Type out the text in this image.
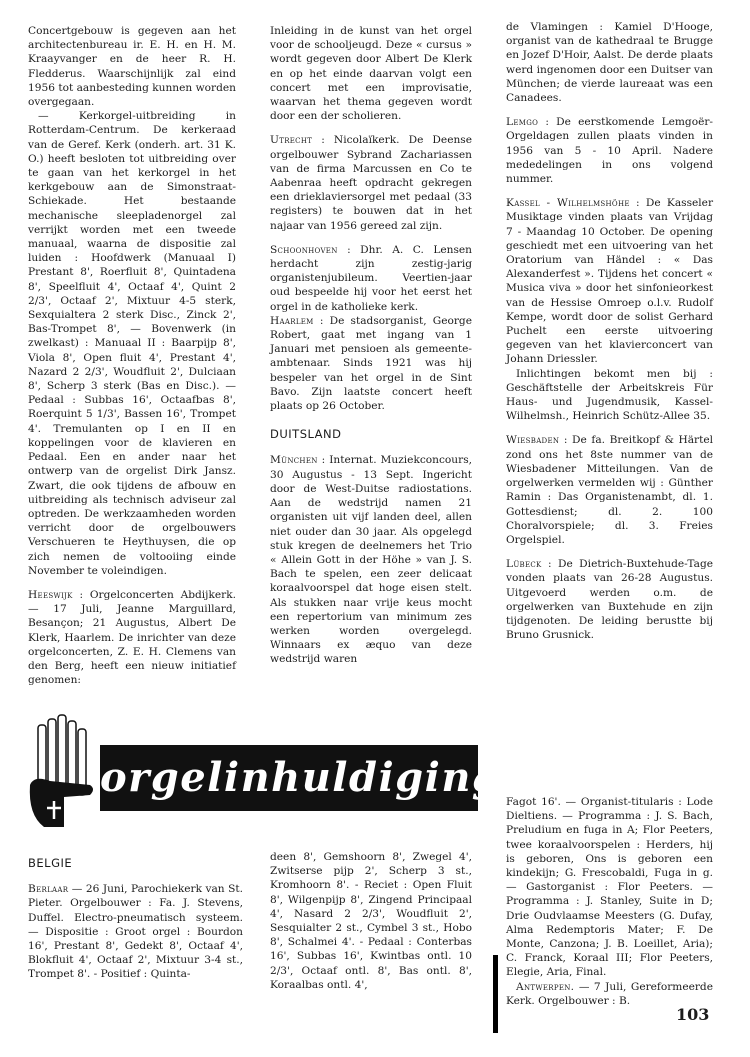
Concertgebouw is gegeven aan het architectenbureau ir. E. H. en H. M. Kraayvanger en de heer R. H. Fledderus. Waarschijnlijk zal eind 1956 tot aanbesteding kunnen worden overgegaan.

— Kerkorgel-uitbreiding in Rotterdam-Centrum. De kerkeraad van de Geref. Kerk (onderh. art. 31 K. O.) heeft besloten tot uitbreiding over te gaan van het kerkorgel in het kerkgebouw aan de Simonstraat-Schiekade. Het bestaande mechanische sleepladenorgel zal verrijkt worden met een tweede manuaal, waarna de dispositie zal luiden : Hoofdwerk (Manuaal I) Prestant 8', Roerfluit 8', Quintadena 8', Speelfluit 4', Octaaf 4', Quint 2 2/3', Octaaf 2', Mixtuur 4-5 sterk, Sexquialtera 2 sterk Disc., Zinck 2', Bas-Trompet 8', — Bovenwerk (in zwelkast) : Manuaal II : Baarpijp 8', Viola 8', Open fluit 4', Prestant 4', Nazard 2 2/3', Woudfluit 2', Dulciaan 8', Scherp 3 sterk (Bas en Disc.). — Pedaal : Subbas 16', Octaafbas 8', Roerquint 5 1/3', Bassen 16', Trompet 4'. Tremulanten op I en II en koppelingen voor de klavieren en Pedaal. Een en ander naar het ontwerp van de orgelist Dirk Jansz. Zwart, die ook tijdens de afbouw en uitbreiding als technisch adviseur zal optreden. De werkzaamheden worden verricht door de orgelbouwers Verschueren te Heythuysen, die op zich nemen de voltooiing einde November te voleindigen.

Heeswijk : Orgelconcerten Abdijkerk. — 17 Juli, Jeanne Marguillard, Besançon; 21 Augustus, Albert De Klerk, Haarlem. De inrichter van deze orgelconcerten, Z. E. H. Clemens van den Berg, heeft een nieuw initiatief genomen:

Inleiding in de kunst van het orgel voor de schooljeugd. Deze « cursus » wordt gegeven door Albert De Klerk en op het einde daarvan volgt een concert met een improvisatie, waarvan het thema gegeven wordt door een der scholieren.

Utrecht : Nicolaïkerk. De Deense orgelbouwer Sybrand Zachariassen van de firma Marcussen en Co te Aabenraa heeft opdracht gekregen een drieklaviersorgel met pedaal (33 registers) te bouwen dat in het najaar van 1956 gereed zal zijn.

Schoonhoven : Dhr. A. C. Lensen herdacht zijn zestig-jarig organistenjubileum. Veertien-jaar oud bespeelde hij voor het eerst het orgel in de katholieke kerk.

Haarlem : De stadsorganist, George Robert, gaat met ingang van 1 Januari met pensioen als gemeente-ambtenaar. Sinds 1921 was hij bespeler van het orgel in de Sint Bavo. Zijn laatste concert heeft plaats op 26 October.

DUITSLAND

München : Internat. Muziekconcours, 30 Augustus - 13 Sept. Ingericht door de West-Duitse radiostations. Aan de wedstrijd namen 21 organisten uit vijf landen deel, allen niet ouder dan 30 jaar. Als opgelegd stuk kregen de deelnemers het Trio « Allein Gott in der Höhe » van J. S. Bach te spelen, een zeer delicaat koraalvoorspel dat hoge eisen stelt. Als stukken naar vrije keus mocht een repertorium van minimum zes werken worden overgelegd. Winnaars ex æquo van deze wedstrijd waren

de Vlamingen : Kamiel D'Hooge, organist van de kathedraal te Brugge en Jozef D'Hoir, Aalst. De derde plaats werd ingenomen door een Duitser van München; de vierde laureaat was een Canadees.

Lemgo : De eerstkomende Lemgoër-Orgeldagen zullen plaats vinden in 1956 van 5 - 10 April. Nadere mededelingen in ons volgend nummer.

Kassel - Wilhelmshöhe : De Kasseler Musiktage vinden plaats van Vrijdag 7 - Maandag 10 October. De opening geschiedt met een uitvoering van het Oratorium van Händel : « Das Alexanderfest ». Tijdens het concert « Musica viva » door het sinfonieorkest van de Hessise Omroep o.l.v. Rudolf Kempe, wordt door de solist Gerhard Puchelt een eerste uitvoering gegeven van het klavierconcert van Johann Driessler.

Inlichtingen bekomt men bij : Geschäftstelle der Arbeitskreis Für Haus- und Jugendmusik, Kassel-Wilhelmsh., Heinrich Schütz-Allee 35.

Wiesbaden : De fa. Breitkopf & Härtel zond ons het 8ste nummer van de Wiesbadener Mitteilungen. Van de orgelwerken vermelden wij : Günther Ramin : Das Organistenambt, dl. 1. Gottesdienst; dl. 2. 100 Choralvorspiele; dl. 3. Freies Orgelspiel.

Lübeck : De Dietrich-Buxtehude-Tage vonden plaats van 26-28 Augustus. Uitgevoerd werden o.m. de orgelwerken van Buxtehude en zijn tijdgenoten. De leiding berustte bij Bruno Grusnick.

orgelinhuldigingen
BELGIE

Berlaar — 26 Juni, Parochiekerk van St. Pieter. Orgelbouwer : Fa. J. Stevens, Duffel. Electro-pneumatisch systeem. — Dispositie : Groot orgel : Bourdon 16', Prestant 8', Gedekt 8', Octaaf 4', Blokfluit 4', Octaaf 2', Mixtuur 3-4 st., Trompet 8'. - Positief : Quinta-

deen 8', Gemshoorn 8', Zwegel 4', Zwitserse pijp 2', Scherp 3 st., Kromhoorn 8'. - Reciet : Open Fluit 8', Wilgenpijp 8', Zingend Principaal 4', Nasard 2 2/3', Woudfluit 2', Sesquialter 2 st., Cymbel 3 st., Hobo 8', Schalmei 4'. - Pedaal : Conterbas 16', Subbas 16', Kwintbas ontl. 10 2/3', Octaaf ontl. 8', Bas ontl. 8', Koraalbas ontl. 4',

Fagot 16'. — Organist-titularis : Lode Dieltiens. — Programma : J. S. Bach, Preludium en fuga in A; Flor Peeters, twee koraalvoorspelen : Herders, hij is geboren, Ons is geboren een kindekijn; G. Frescobaldi, Fuga in g. — Gastorganist : Flor Peeters. — Programma : J. Stanley, Suite in D; Drie Oudvlaamse Meesters (G. Dufay, Alma Redemptoris Mater; F. De Monte, Canzona; J. B. Loeillet, Aria); C. Franck, Koraal III; Flor Peeters, Elegie, Aria, Final.

Antwerpen. — 7 Juli, Gereformeerde Kerk. Orgelbouwer : B.

103
